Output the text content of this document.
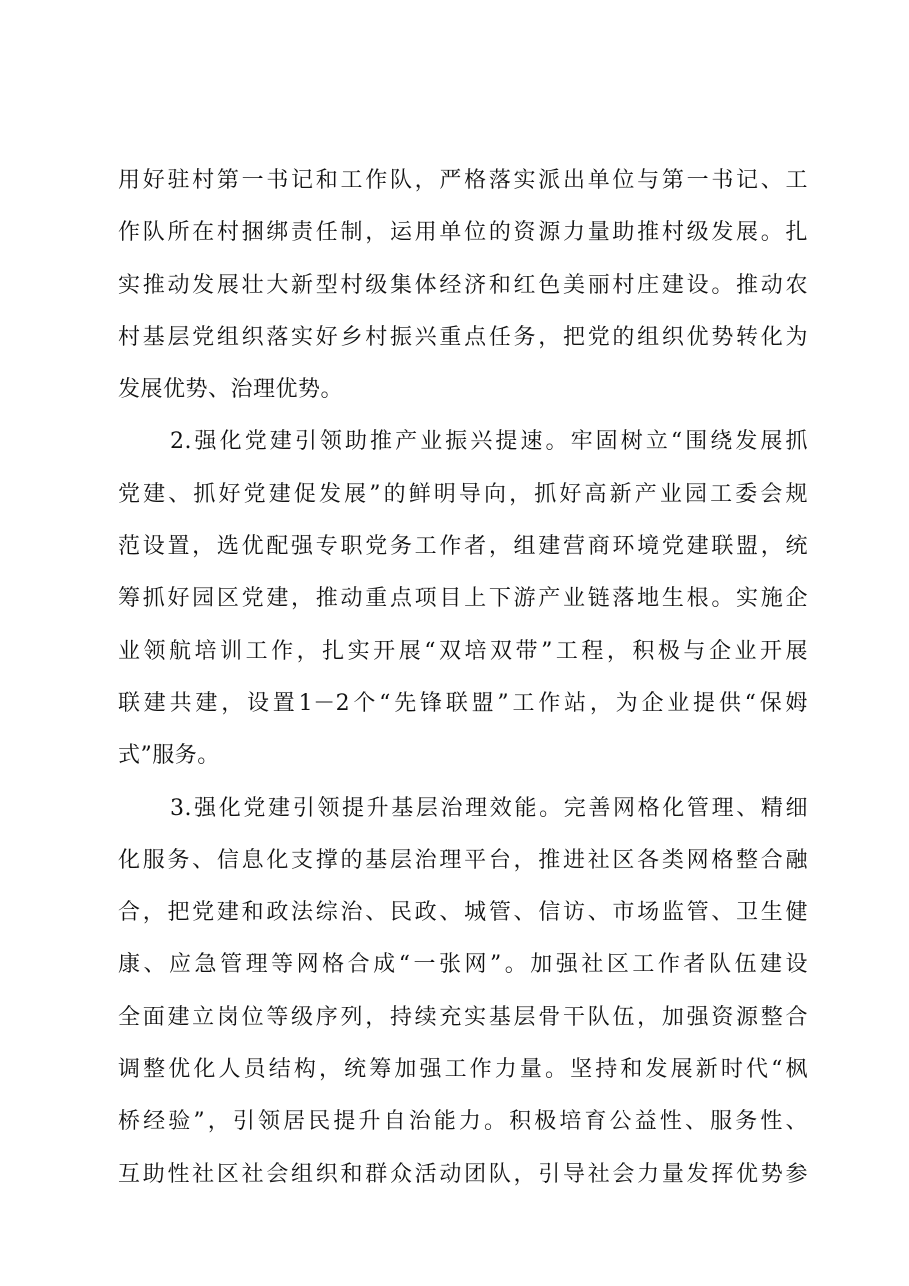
用好驻村第一书记和工作队，严格落实派出单位与第一书记、工
作队所在村捆绑责任制，运用单位的资源力量助推村级发展。扎
实推动发展壮大新型村级集体经济和红色美丽村庄建设。推动农
村基层党组织落实好乡村振兴重点任务，把党的组织优势转化为
发展优势、治理优势。
2.强化党建引领助推产业振兴提速。牢固树立“围绕发展抓
党建、抓好党建促发展”的鲜明导向，抓好高新产业园工委会规
范设置，选优配强专职党务工作者，组建营商环境党建联盟，统
筹抓好园区党建，推动重点项目上下游产业链落地生根。实施企
业领航培训工作，扎实开展“双培双带”工程，积极与企业开展
联建共建，设置1－2个“先锋联盟”工作站，为企业提供“保姆
式”服务。
3.强化党建引领提升基层治理效能。完善网格化管理、精细
化服务、信息化支撑的基层治理平台，推进社区各类网格整合融
合，把党建和政法综治、民政、城管、信访、市场监管、卫生健
康、应急管理等网格合成“一张网”。加强社区工作者队伍建设
全面建立岗位等级序列，持续充实基层骨干队伍，加强资源整合
调整优化人员结构，统筹加强工作力量。坚持和发展新时代“枫
桥经验”，引领居民提升自治能力。积极培育公益性、服务性、
互助性社区社会组织和群众活动团队，引导社会力量发挥优势参
